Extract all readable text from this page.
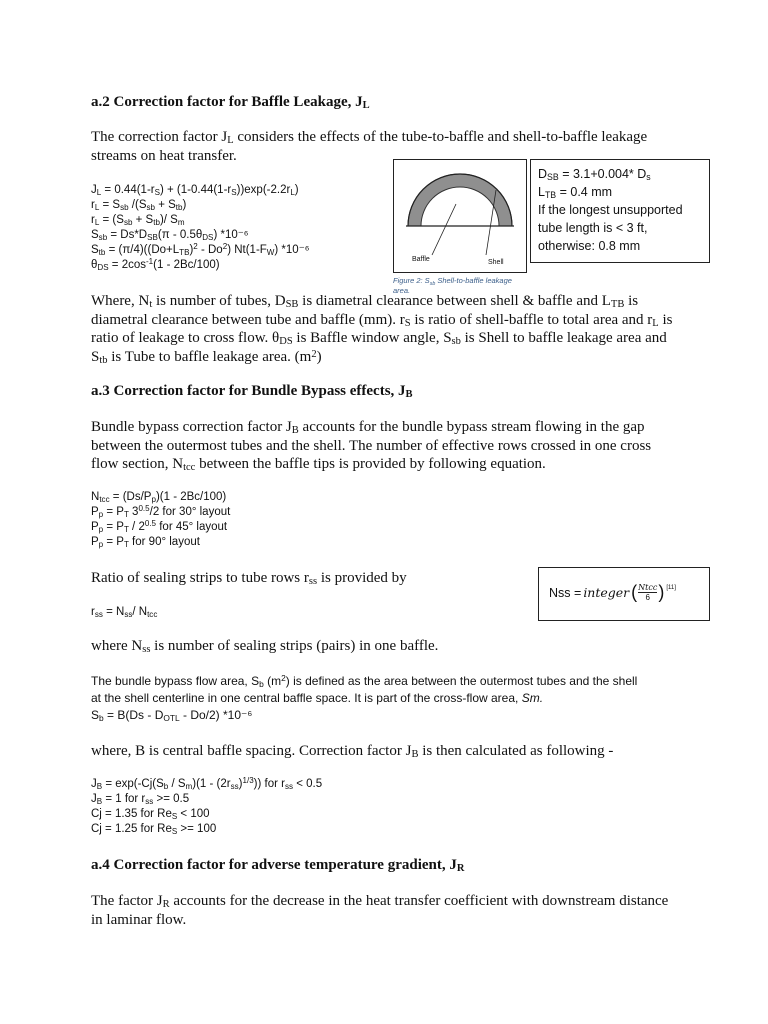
a.2 Correction factor for Baffle Leakage, $J_L$
The correction factor $J_L$ considers the effects of the tube-to-baffle and shell-to-baffle leakage
streams on heat transfer.
$J_L = 0.44(1-r_S) + (1-0.44(1-r_S))\exp(-2.2r_L)$
$r_L = S_{sb}$ $/(S_{sb} + S_{tb})$
$r_L = (S_{sb} + S_{tb})/$ $S_m$
$S_{sb} = Ds*D_{SB}(\pi - 0.5\theta_{DS})$ *10⁻⁶
$S_{tb} = (\pi/4)((Do+L_{TB})^2 - Do^2)$ $Nt(1-F_W)$ *10⁻⁶
$\theta_{DS} = 2\cos^{-1}(1 - 2Bc/100)$	Baffle	Shell
Figure 2: $S_{sb}$ Shell-to-baffle leakage
area.
$D_{SB} = 3.1+0.004*$ $D_s$
$L_{TB} = 0.4$ mm
If the longest unsupported
tube length is < 3 ft,
otherwise: 0.8 mm
Where, $N_t$ is number of tubes, $D_{SB}$ is diametral clearance between shell & baffle and $L_{TB}$ is
diametral clearance between tube and baffle (mm). $r_S$ is ratio of shell-baffle to total area and $r_L$ is
ratio of leakage to cross flow. $\theta_{DS}$ is Baffle window angle, $S_{sb}$ is Shell to baffle leakage area and
$S_{tb}$ is Tube to baffle leakage area. $(m^2)$
a.3 Correction factor for Bundle Bypass effects, $J_B$
Bundle bypass correction factor $J_B$ accounts for the bundle bypass stream flowing in the gap
between the outermost tubes and the shell. The number of effective rows crossed in one cross
flow section, $N_{tcc}$ between the baffle tips is provided by following equation.
$N_{tcc} = (Ds/P_p)(1 - 2Bc/100)$
$P_p = P_T$ $3^{0.5}/2$ for 30° layout
$P_p = P_T / 2^{0.5}$ for 45° layout
$P_p = P_T$ for 90° layout
Ratio of sealing strips to tube rows $r_{ss}$ is provided by
Nss = integer ( Ntcc
6 ) [11]
$r_{ss} = N_{ss}/$ $N_{tcc}$
where $N_{ss}$ is number of sealing strips (pairs) in one baffle.
The bundle bypass flow area, $S_b$ $(m^2)$ is defined as the area between the outermost tubes and the shell
at the shell centerline in one central baffle space. It is part of the cross-flow area, Sm.
$S_b = B(Ds - D_{OTL} - Do/2)$ *10⁻⁶
where, B is central baffle spacing. Correction factor $J_B$ is then calculated as following -
$J_B = \exp(-Cj(S_b / S_m)(1 - (2r_{ss})^{1/3}))$ for $r_{ss} < 0.5$
$J_B = 1$ for $r_{ss} >= 0.5$
Cj = 1.35 for $Re_S < 100$
Cj = 1.25 for $Re_S >= 100$
a.4 Correction factor for adverse temperature gradient, $J_R$
The factor $J_R$ accounts for the decrease in the heat transfer coefficient with downstream distance
in laminar flow.
